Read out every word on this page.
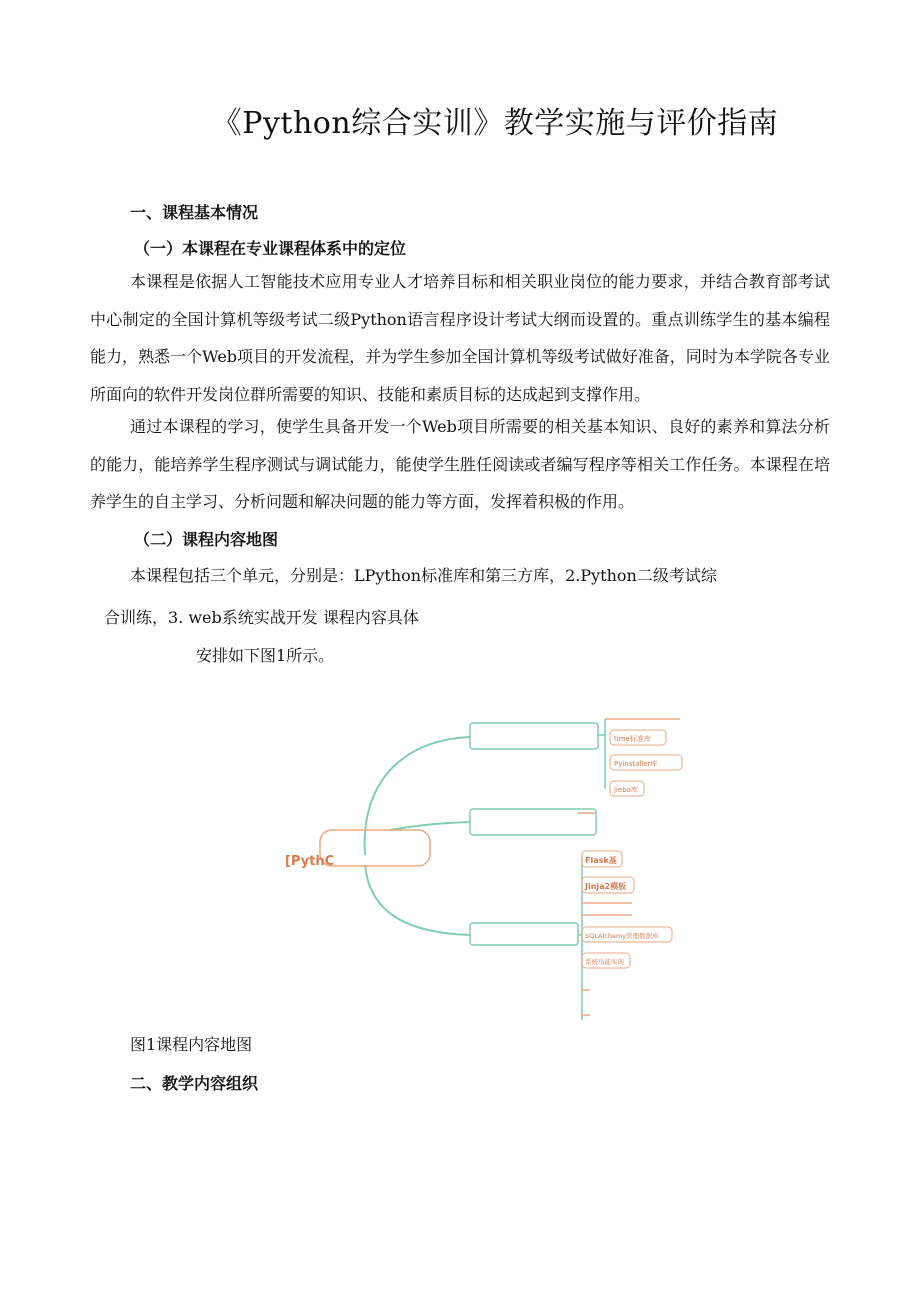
《Python综合实训》教学实施与评价指南
一、课程基本情况
（一）本课程在专业课程体系中的定位
本课程是依据人工智能技术应用专业人才培养目标和相关职业岗位的能力要求，并结合教育部考试中心制定的全国计算机等级考试二级Python语言程序设计考试大纲而设置的。重点训练学生的基本编程能力，熟悉一个Web项目的开发流程，并为学生参加全国计算机等级考试做好准备，同时为本学院各专业所面向的软件开发岗位群所需要的知识、技能和素质目标的达成起到支撑作用。
通过本课程的学习，使学生具备开发一个Web项目所需要的相关基本知识、良好的素养和算法分析的能力，能培养学生程序测试与调试能力，能使学生胜任阅读或者编写程序等相关工作任务。本课程在培养学生的自主学习、分析问题和解决问题的能力等方面，发挥着积极的作用。
（二）课程内容地图
本课程包括三个单元，分别是：LPython标准库和第三方库，2.Python二级考试综
合训练，3. web系统实战开发 课程内容具体
安排如下图1所示。
[PythC
time标准库
Pyinstaller库
jieba库
Flask基
Jinja2模板
SQLAlchemy管理数据库
系统功能实现
图1课程内容地图
二、教学内容组织
